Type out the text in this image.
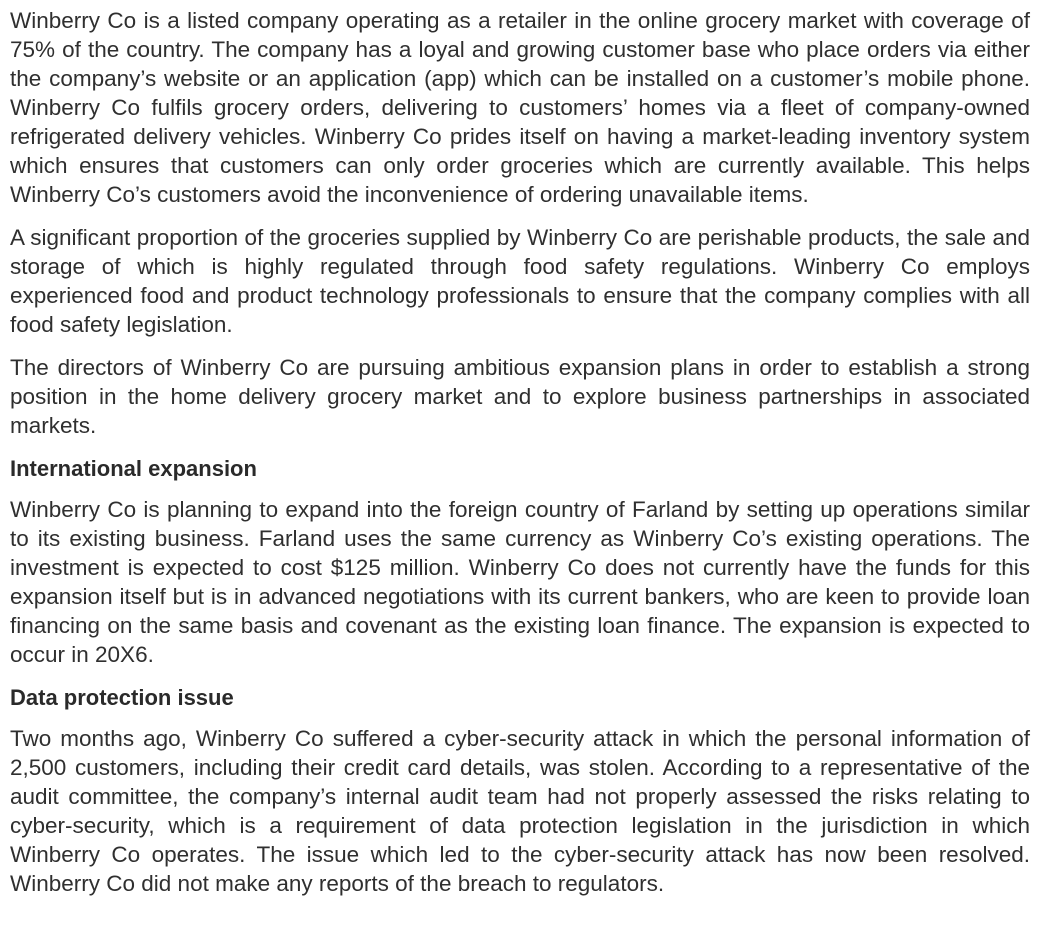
Winberry Co is a listed company operating as a retailer in the online grocery market with coverage of 75% of the country. The company has a loyal and growing customer base who place orders via either the company’s website or an application (app) which can be installed on a customer’s mobile phone. Winberry Co fulfils grocery orders, delivering to customers’ homes via a fleet of company-owned refrigerated delivery vehicles. Winberry Co prides itself on having a market-leading inventory system which ensures that customers can only order groceries which are currently available. This helps Winberry Co’s customers avoid the inconvenience of ordering unavailable items.

A significant proportion of the groceries supplied by Winberry Co are perishable products, the sale and storage of which is highly regulated through food safety regulations. Winberry Co employs experienced food and product technology professionals to ensure that the company complies with all food safety legislation.

The directors of Winberry Co are pursuing ambitious expansion plans in order to establish a strong position in the home delivery grocery market and to explore business partnerships in associated markets.

International expansion

Winberry Co is planning to expand into the foreign country of Farland by setting up operations similar to its existing business. Farland uses the same currency as Winberry Co’s existing operations. The investment is expected to cost $125 million. Winberry Co does not currently have the funds for this expansion itself but is in advanced negotiations with its current bankers, who are keen to provide loan financing on the same basis and covenant as the existing loan finance. The expansion is expected to occur in 20X6.

Data protection issue

Two months ago, Winberry Co suffered a cyber-security attack in which the personal information of 2,500 customers, including their credit card details, was stolen. According to a representative of the audit committee, the company’s internal audit team had not properly assessed the risks relating to cyber-security, which is a requirement of data protection legislation in the jurisdiction in which Winberry Co operates. The issue which led to the cyber-security attack has now been resolved. Winberry Co did not make any reports of the breach to regulators.
